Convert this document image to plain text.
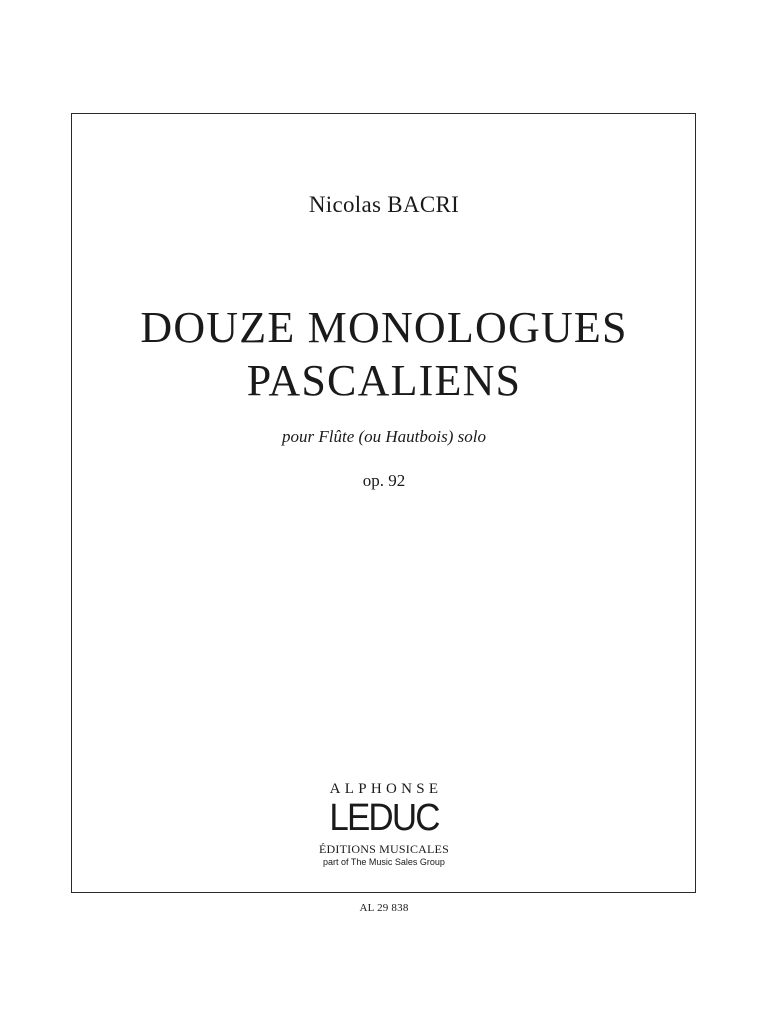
Nicolas BACRI
DOUZE MONOLOGUES
PASCALIENS
pour Flûte (ou Hautbois) solo
op. 92
ALPHONSE
LEDUC
ÉDITIONS MUSICALES
part of The Music Sales Group
AL 29 838
